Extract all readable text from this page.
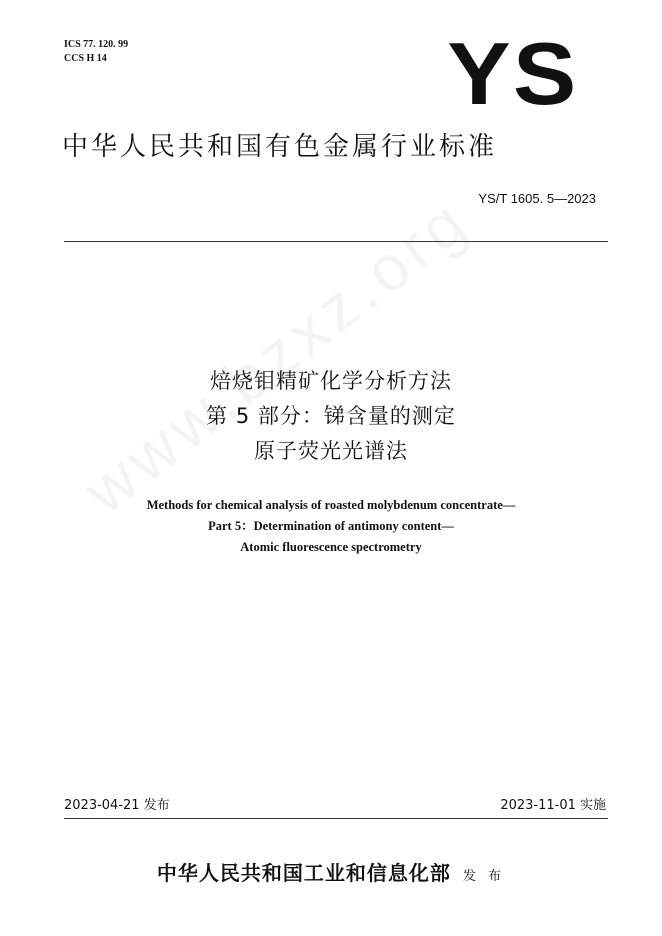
ICS 77. 120. 99
CCS H 14	YS
中华人民共和国有色金属行业标准
YS/T 1605. 5—2023
焙烧钼精矿化学分析方法
第 5 部分：锑含量的测定
原子荧光光谱法
Methods for chemical analysis of roasted molybdenum concentrate—
Part 5：Determination of antimony content—
Atomic fluorescence spectrometry
2023-04-21 发布	2023-11-01 实施
中华人民共和国工业和信息化部 发 布
